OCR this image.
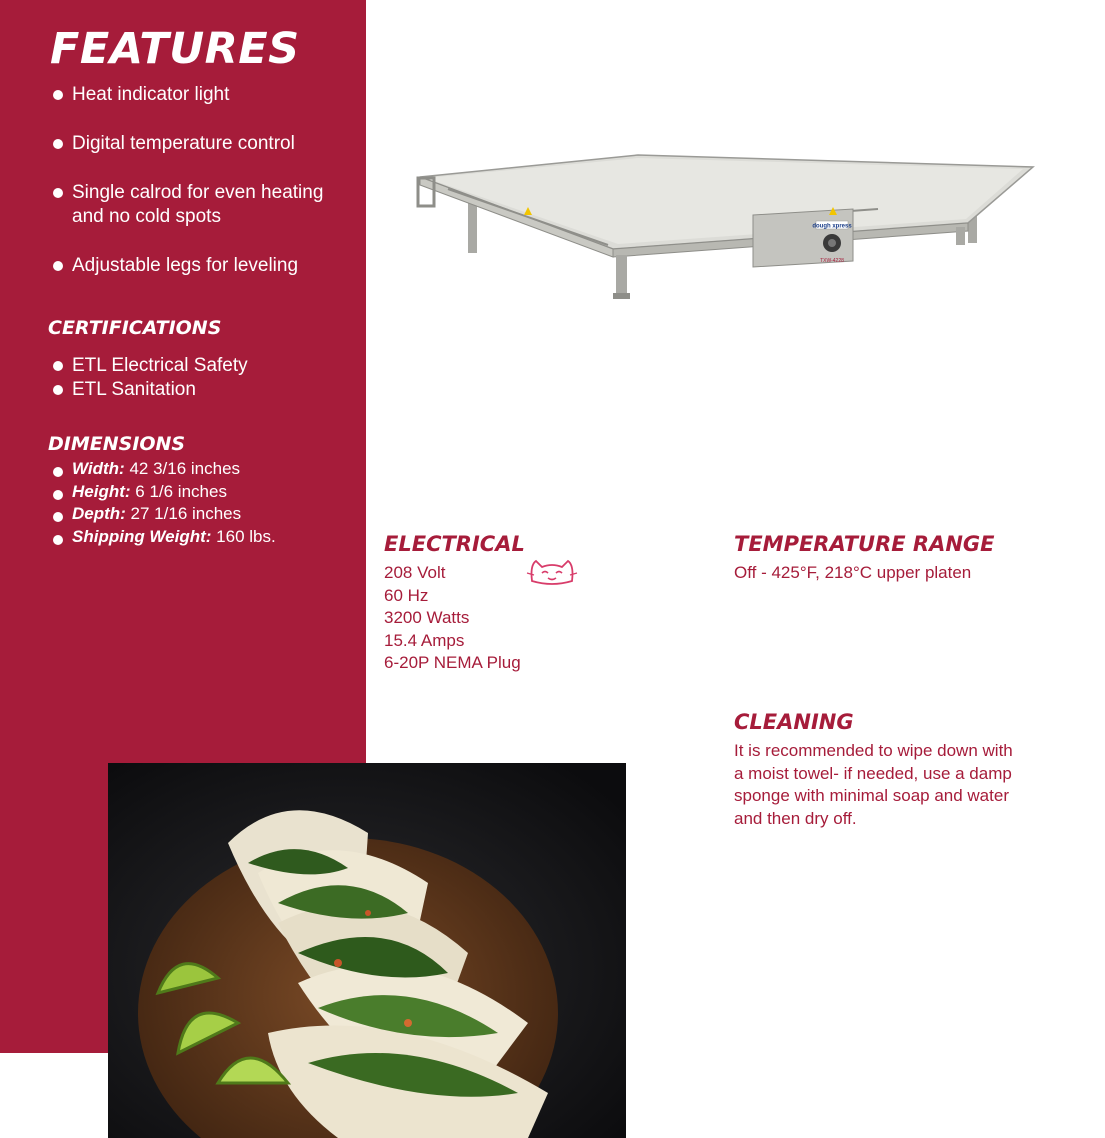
FEATURES
Heat indicator light
Digital temperature control
Single calrod for even heating and no cold spots
Adjustable legs for leveling
CERTIFICATIONS
ETL Electrical Safety
ETL Sanitation
DIMENSIONS
Width: 42 3/16 inches
Height: 6 1/6 inches
Depth: 27 1/16 inches
Shipping Weight: 160 lbs.
dough xpress
TXW-4228
ELECTRICAL
208 Volt
60 Hz
3200 Watts
15.4 Amps
6-20P NEMA Plug
TEMPERATURE RANGE
Off - 425°F, 218°C upper platen
CLEANING
It is recommended to wipe down with
a moist towel- if needed, use a damp
sponge with minimal soap and water
and then dry off.
